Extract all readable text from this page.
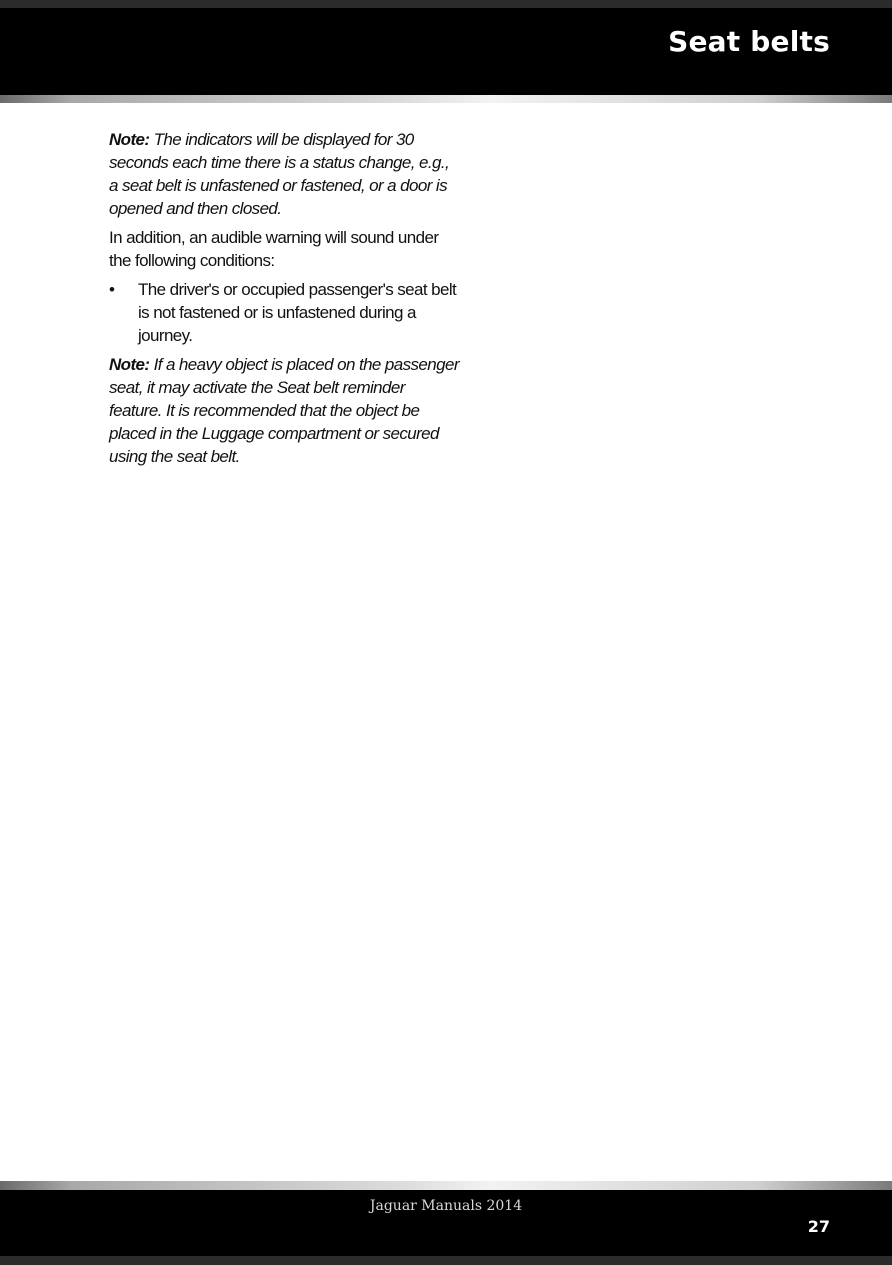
Seat belts

Note: The indicators will be displayed for 30 seconds each time there is a status change, e.g., a seat belt is unfastened or fastened, or a door is opened and then closed.

In addition, an audible warning will sound under the following conditions:

• The driver's or occupied passenger's seat belt is not fastened or is unfastened during a journey.

Note: If a heavy object is placed on the passenger seat, it may activate the Seat belt reminder feature. It is recommended that the object be placed in the Luggage compartment or secured using the seat belt.

Jaguar Manuals 2014
27
